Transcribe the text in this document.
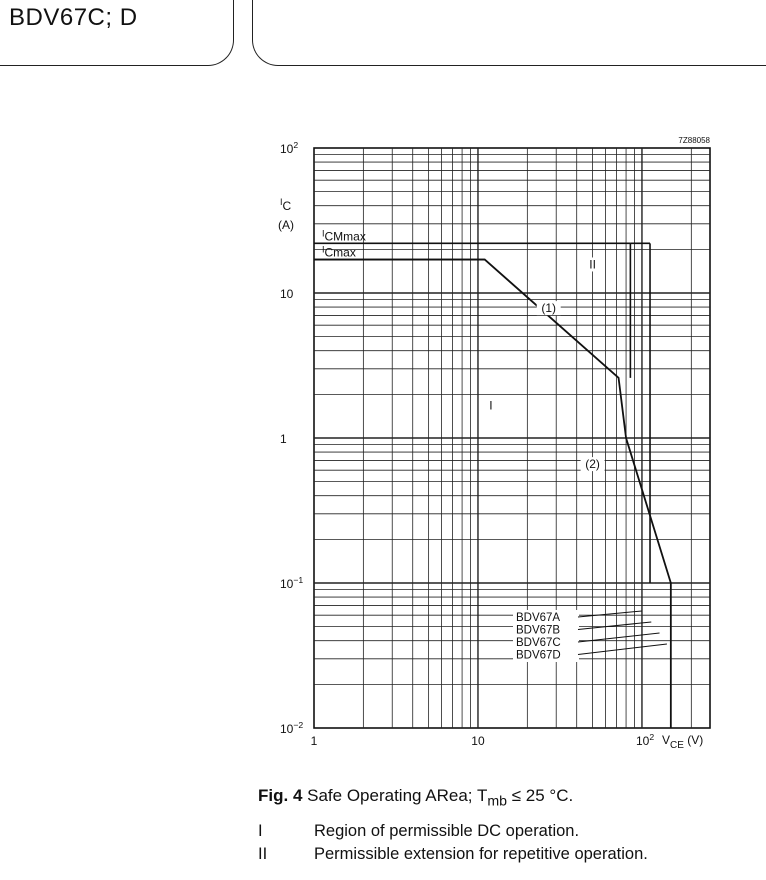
BDV67C; D
$^I$CMmax
$^I$Cmax
(1)
(2)
I
II
BDV67A
BDV67B
BDV67C
BDV67D
$10^2$
10
1
$10^{-1}$
$10^{-2}$
1	10	$10^2$
$^I$C
(A)
$V_{CE}$ (V)
7Z88058
Fig. 4 Safe Operating ARea; $T_{mb} \le 25$ °C.
I	Region of permissible DC operation.
II	Permissible extension for repetitive operation.
